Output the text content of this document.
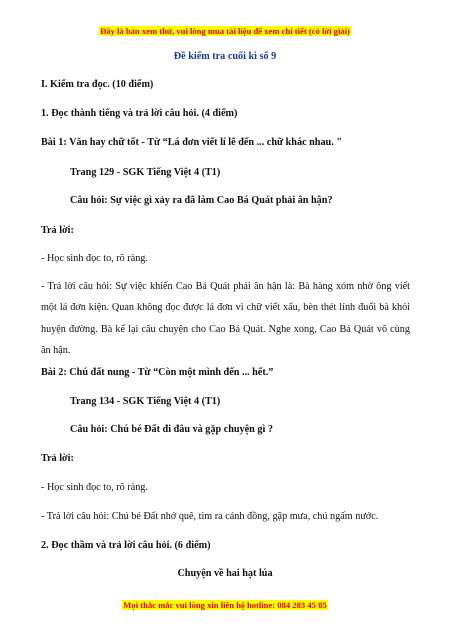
Đây là bản xem thử, vui lòng mua tài liệu để xem chi tiết (có lời giải)
Đề kiểm tra cuối kì số 9
I. Kiểm tra đọc. (10 điểm)
1. Đọc thành tiếng và trả lời câu hỏi. (4 điểm)
Bài 1: Văn hay chữ tốt - Từ “Lá đơn viết lí lẽ đến ... chữ khác nhau. "
Trang 129 - SGK Tiếng Việt 4 (T1)
Câu hỏi: Sự việc gì xảy ra đã làm Cao Bá Quát phải ân hận?
Trả lời:
- Học sinh đọc to, rõ ràng.
- Trả lời câu hỏi: Sự việc khiến Cao Bá Quát phải ân hận là: Bà hàng xóm nhờ ông viết một lá đơn kiện. Quan không đọc được lá đơn vì chữ viết xấu, bèn thét lính đuổi bà khỏi huyện đường. Bà kể lại câu chuyện cho Cao Bá Quát. Nghe xong, Cao Bá Quát vô cùng ân hận.
Bài 2: Chú đất nung - Từ “Còn một mình đến ... hết.”
Trang 134 - SGK Tiếng Việt 4 (T1)
Câu hỏi: Chú bé Đất đi đâu và gặp chuyện gì ?
Trả lời:
- Học sinh đọc to, rõ ràng.
- Trả lời câu hỏi: Chú bé Đất nhớ quê, tìm ra cánh đồng, gặp mưa, chú ngấm nước.
2. Đọc thầm và trả lời câu hỏi. (6 điểm)
Chuyện về hai hạt lúa
Mọi thắc mắc vui lòng xin liên hệ hotline: 084 283 45 85
